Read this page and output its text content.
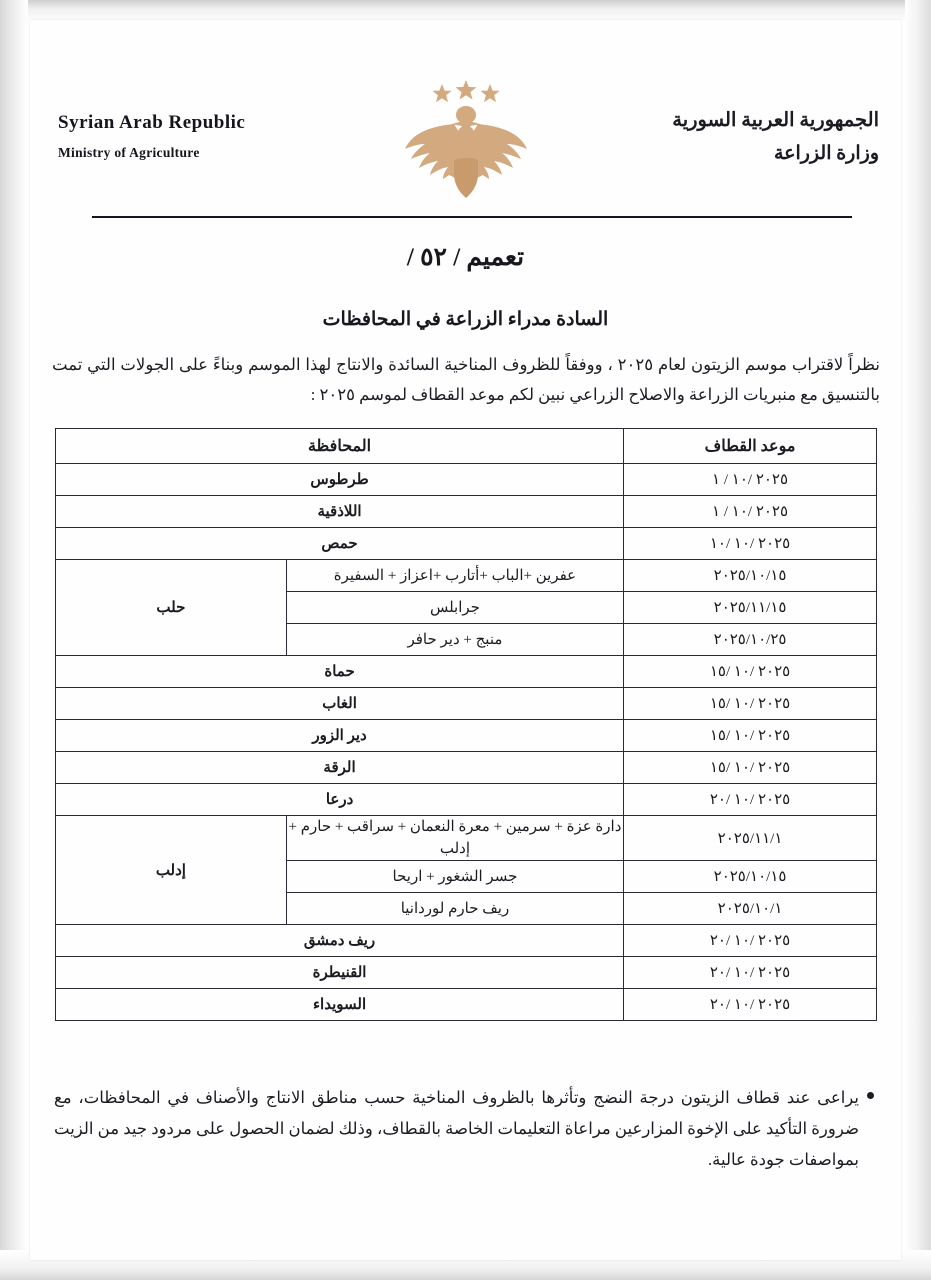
Syrian Arab Republic
Ministry of Agriculture
الجمهورية العربية السورية
وزارة الزراعة
تعميم / ٥٢ /
السادة مدراء الزراعة في المحافظات
نظراً لاقتراب موسم الزيتون لعام ٢٠٢٥ ، ووفقاً للظروف المناخية السائدة والانتاج لهذا الموسم وبناءً على الجولات التي تمت بالتنسيق مع منبريات الزراعة والاصلاح الزراعي نبين لكم موعد القطاف لموسم ٢٠٢٥ :
موعد القطاف	المحافظة	
٢٠٢٥ /١٠ / ١	طرطوس	
٢٠٢٥ /١٠ / ١	اللاذقية	
٢٠٢٥ /١٠ /١٠	حمص	
٢٠٢٥/١٠/١٥	عفرين +الباب +أتارب +اعزاز + السفيرة	حلب
٢٠٢٥/١١/١٥	جرابلس	
٢٠٢٥/١٠/٢٥	منبج + دير حافر	
٢٠٢٥ /١٠ /١٥	حماة	
٢٠٢٥ /١٠ /١٥	الغاب	
٢٠٢٥ /١٠ /١٥	دير الزور	
٢٠٢٥ /١٠ /١٥	الرقة	
٢٠٢٥ /١٠ /٢٠	درعا	
٢٠٢٥/١١/١	دارة عزة + سرمين + معرة النعمان + سراقب + حارم + إدلب	إدلب
٢٠٢٥/١٠/١٥	جسر الشغور + اريحا	
٢٠٢٥/١٠/١	ريف حارم لوردانيا	
٢٠٢٥ /١٠ /٢٠	ريف دمشق	
٢٠٢٥ /١٠ /٢٠	القنيطرة	
٢٠٢٥ /١٠ /٢٠	السويداء	
يراعى عند قطاف الزيتون درجة النضج وتأثرها بالظروف المناخية حسب مناطق الانتاج والأصناف في المحافظات، مع ضرورة التأكيد على الإخوة المزارعين مراعاة التعليمات الخاصة بالقطاف، وذلك لضمان الحصول على مردود جيد من الزيت بمواصفات جودة عالية.
